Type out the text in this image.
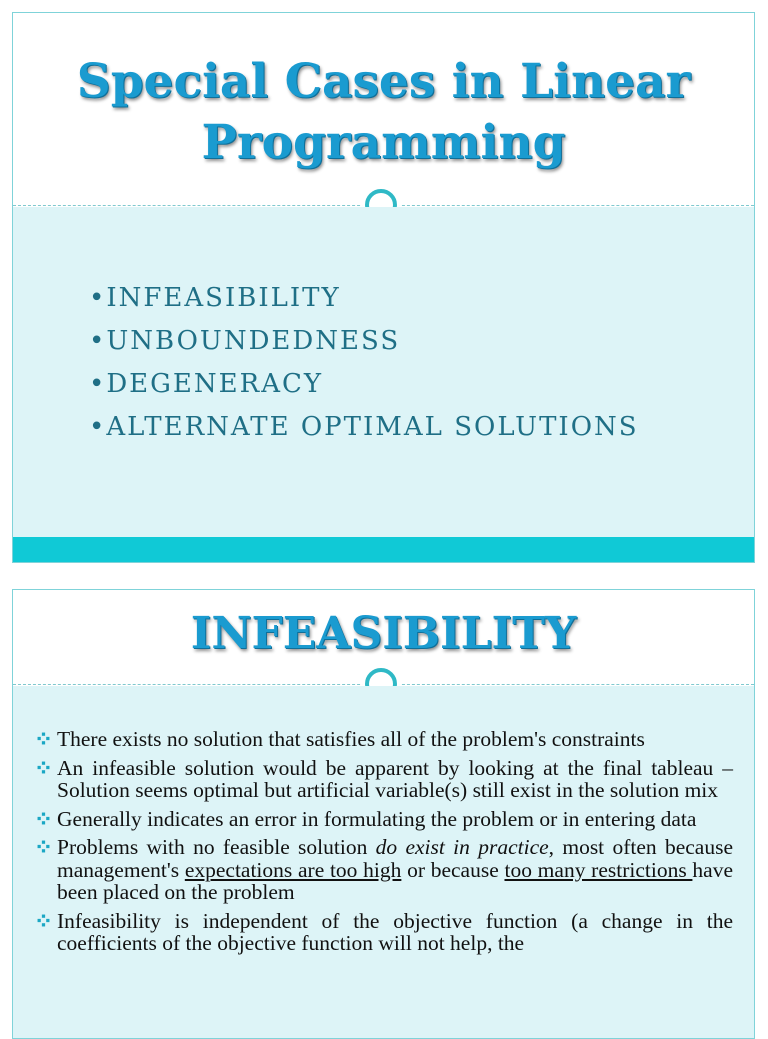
Special Cases in Linear
Programming
•INFEASIBILITY
•UNBOUNDEDNESS
•DEGENERACY
•ALTERNATE OPTIMAL SOLUTIONS
INFEASIBILITY
There exists no solution that satisfies all of the problem's constraints
An infeasible solution would be apparent by looking at the final tableau – Solution seems optimal but artificial variable(s) still exist in the solution mix
Generally indicates an error in formulating the problem or in entering data
Problems with no feasible solution do exist in practice, most often because management's expectations are too high or because too many restrictions have been placed on the problem
Infeasibility is independent of the objective function (a change in the coefficients of the objective function will not help, the
